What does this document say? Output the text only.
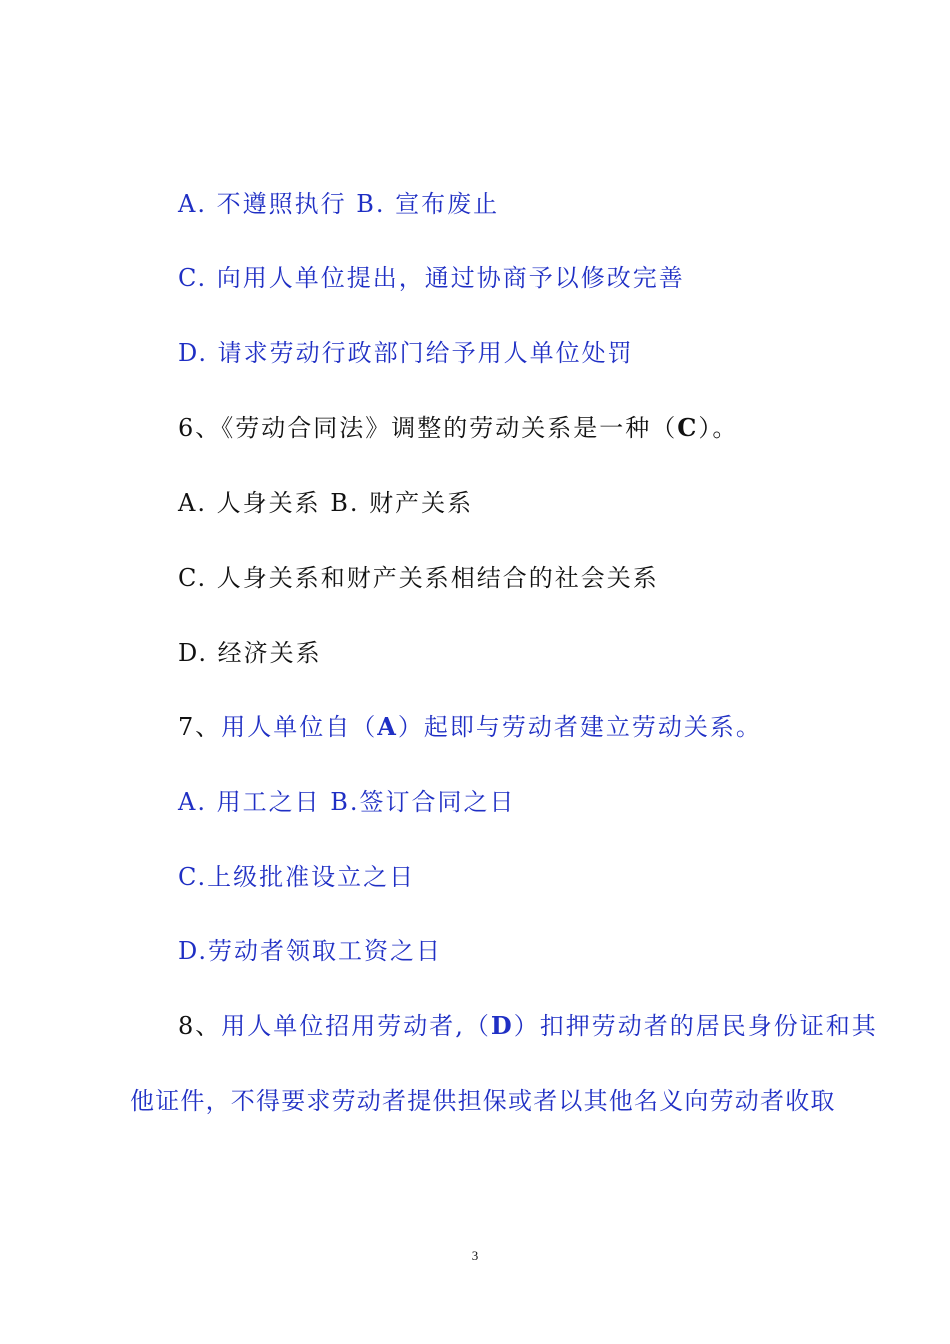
A. 不遵照执行 B. 宣布废止
C. 向用人单位提出，通过协商予以修改完善
D. 请求劳动行政部门给予用人单位处罚
6、《劳动合同法》调整的劳动关系是一种（C）。
A. 人身关系 B. 财产关系
C. 人身关系和财产关系相结合的社会关系
D. 经济关系
7、用人单位自（A）起即与劳动者建立劳动关系。
A. 用工之日 B.签订合同之日
C.上级批准设立之日
D.劳动者领取工资之日
8、用人单位招用劳动者,（D）扣押劳动者的居民身份证和其
他证件，不得要求劳动者提供担保或者以其他名义向劳动者收取
3
